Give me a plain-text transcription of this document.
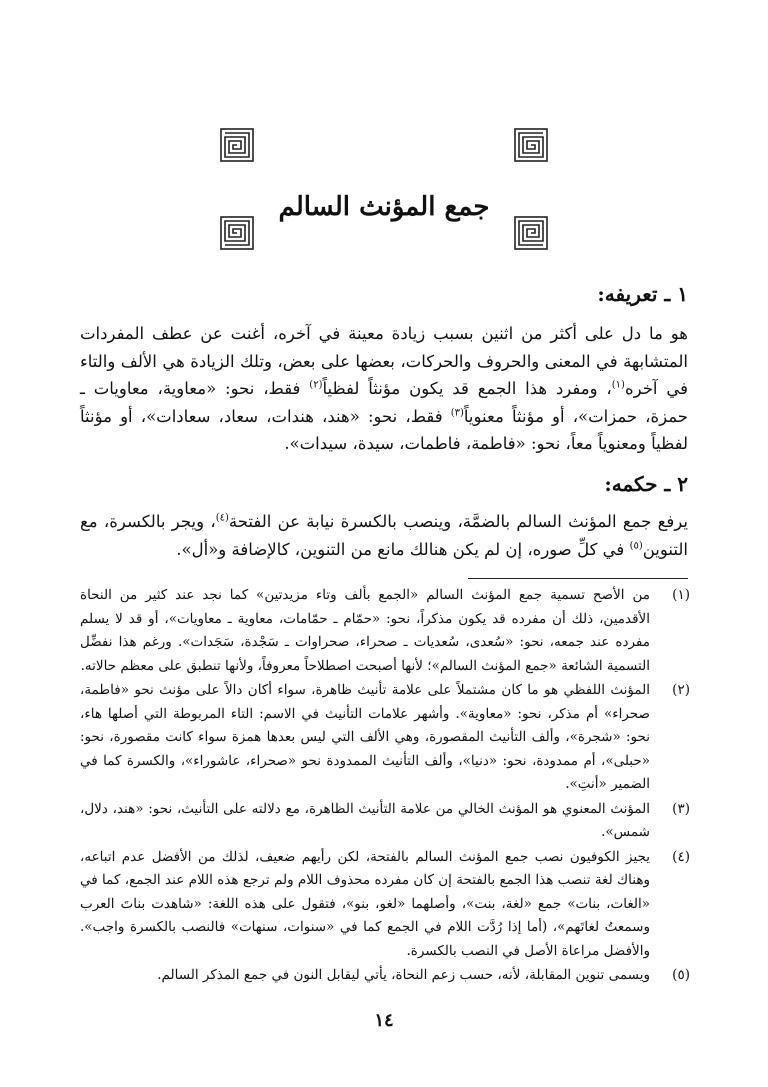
جمع المؤنث السالم
١ ـ تعريفه:

هو ما دل على أكثر من اثنين بسبب زيادة معينة في آخره، أغنت عن عطف المفردات المتشابهة في المعنى والحروف والحركات، بعضها على بعض، وتلك الزيادة هي الألف والتاء في آخره$^{(١)}$، ومفرد هذا الجمع قد يكون مؤنثاً لفظياً$^{(٢)}$ فقط، نحو: «معاوية، معاويات ـ حمزة، حمزات»، أو مؤنثاً معنوياً$^{(٣)}$ فقط، نحو: «هند، هندات، سعاد، سعادات»، أو مؤنثاً لفظياً ومعنوياً معاً، نحو: «فاطمة، فاطمات، سيدة، سيدات».

٢ ـ حكمه:

يرفع جمع المؤنث السالم بالضمَّة، وينصب بالكسرة نيابة عن الفتحة$^{(٤)}$، ويجر بالكسرة، مع التنوين$^{(٥)}$ في كلِّ صوره، إن لم يكن هنالك مانع من التنوين، كالإضافة و«أل».

(١)
من الأصح تسمية جمع المؤنث السالم «الجمع بألف وتاء مزيدتين» كما نجد عند كثير من النحاة الأقدمين، ذلك أن مفرده قد يكون مذكراً، نحو: «حمّام ـ حمّامات، معاوية ـ معاويات»، أو قد لا يسلم مفرده عند جمعه، نحو: «سُعدى، سُعديات ـ صحراء، صحراوات ـ سَجْدة، سَجَدات». ورغم هذا نفضِّل التسمية الشائعة «جمع المؤنث السالم»؛ لأنها أصبحت اصطلاحاً معروفاً، ولأنها تنطبق على معظم حالاته.
(٢)
المؤنث اللفظي هو ما كان مشتملاً على علامة تأنيث ظاهرة، سواء أكان دالاً على مؤنث نحو «فاطمة، صحراء» أم مذكر، نحو: «معاوية». وأشهر علامات التأنيث في الاسم: التاء المربوطة التي أصلها هاء، نحو: «شجرة»، وألف التأنيث المقصورة، وهي الألف التي ليس بعدها همزة سواء كانت مقصورة، نحو: «حبلى»، أم ممدودة، نحو: «دنيا»، وألف التأنيث الممدودة نحو «صحراء، عاشوراء»، والكسرة كما في الضمير «أنتِ».
(٣)
المؤنث المعنوي هو المؤنث الخالي من علامة التأنيث الظاهرة، مع دلالته على التأنيث، نحو: «هند، دلال، شمس».
(٤)
يجيز الكوفيون نصب جمع المؤنث السالم بالفتحة، لكن رأيهم ضعيف، لذلك من الأفضل عدم اتباعه، وهناك لغة تنصب هذا الجمع بالفتحة إن كان مفرده محذوف اللام ولم ترجع هذه اللام عند الجمع، كما في «الغات، بنات» جمع «لغة، بنت»، وأصلهما «لغو، بنو»، فتقول على هذه اللغة: «شاهدت بناتَ العرب وسمعتُ لغاتَهم»، (أما إذا رُدَّت اللام في الجمع كما في «سنوات، سنهات» فالنصب بالكسرة واجب». والأفضل مراعاة الأصل في النصب بالكسرة.
(٥)
ويسمى تنوين المقابلة، لأنه، حسب زعم النحاة، يأتي ليقابل النون في جمع المذكر السالم.
١٤
